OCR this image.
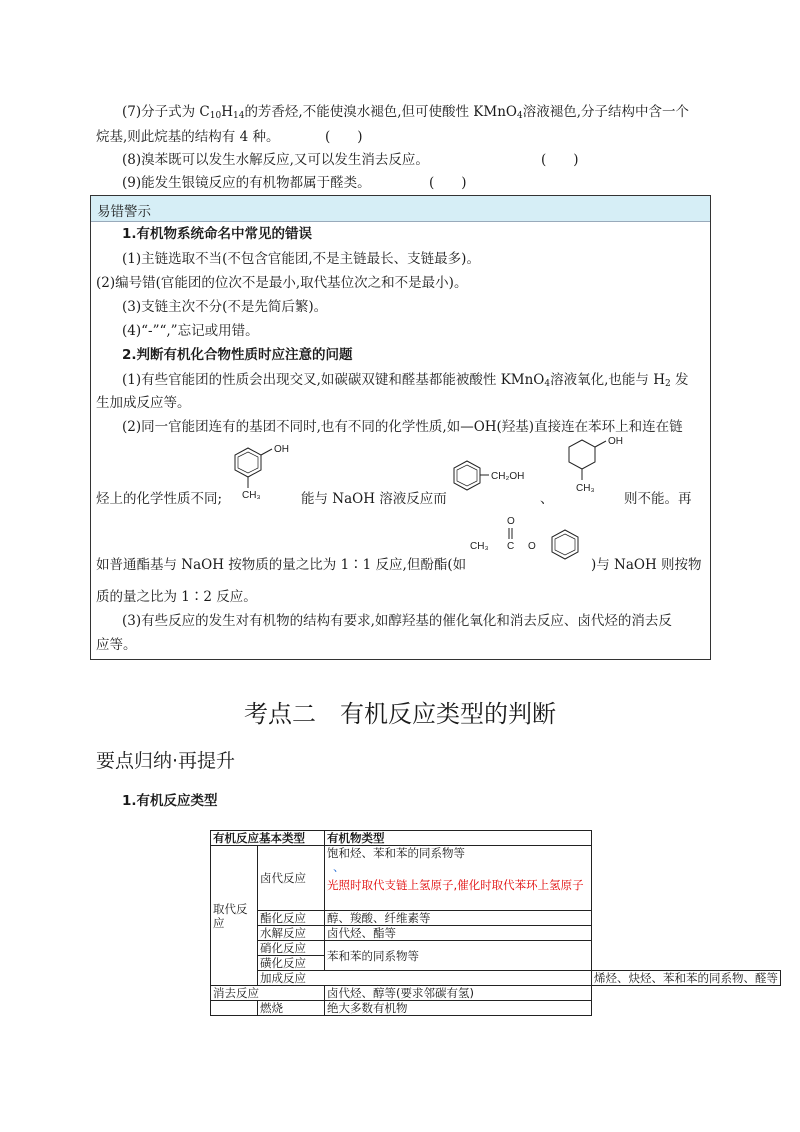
(7)分子式为 $C_{10}H_{14}$的芳香烃,不能使溴水褪色,但可使酸性 KMnO$_4$溶液褪色,分子结构中含一个
烷基,则此烷基的结构有 4 种。	(　　)
(8)溴苯既可以发生水解反应,又可以发生消去反应。	(　　)
(9)能发生银镜反应的有机物都属于醛类。	(　　)
易错警示
1.有机物系统命名中常见的错误
(1)主链选取不当(不包含官能团,不是主链最长、支链最多)。
(2)编号错(官能团的位次不是最小,取代基位次之和不是最小)。
(3)支链主次不分(不是先简后繁)。
(4)“-”“,”忘记或用错。
2.判断有机化合物性质时应注意的问题
(1)有些官能团的性质会出现交叉,如碳碳双键和醛基都能被酸性 KMnO$_4$溶液氧化,也能与 $H_2$ 发
生加成反应等。
(2)同一官能团连有的基团不同时,也有不同的化学性质,如—OH(羟基)直接连在苯环上和连在链
OH
CH₃
烃上的化学性质不同;	能与 NaOH 溶液反应而
CH₂OH
、
OH
CH₃
则不能。再
CH₃ C
O
O
如普通酯基与 NaOH 按物质的量之比为 1∶1 反应,但酚酯(如	)与 NaOH 则按物
质的量之比为 1∶2 反应。
(3)有些反应的发生对有机物的结构有要求,如醇羟基的催化氧化和消去反应、卤代烃的消去反
应等。
考点二　有机反应类型的判断
要点归纳·再提升
1.有机反应类型
有机反应基本类型		有机物类型	
取代反应	卤代反应	饱和烃、苯和苯的同系物等
、
光照时取代支链上氢原子,催化时取代苯环上氢原子	

	酯化反应	醇、羧酸、纤维素等	
	水解反应	卤代烃、酯等	
	硝化反应	苯和苯的同系物等	
	磺化反应		
	加成反应		烯烃、炔烃、苯和苯的同系物、醛等
消去反应		卤代烃、醇等(要求邻碳有氢)	
	燃烧	绝大多数有机物	
